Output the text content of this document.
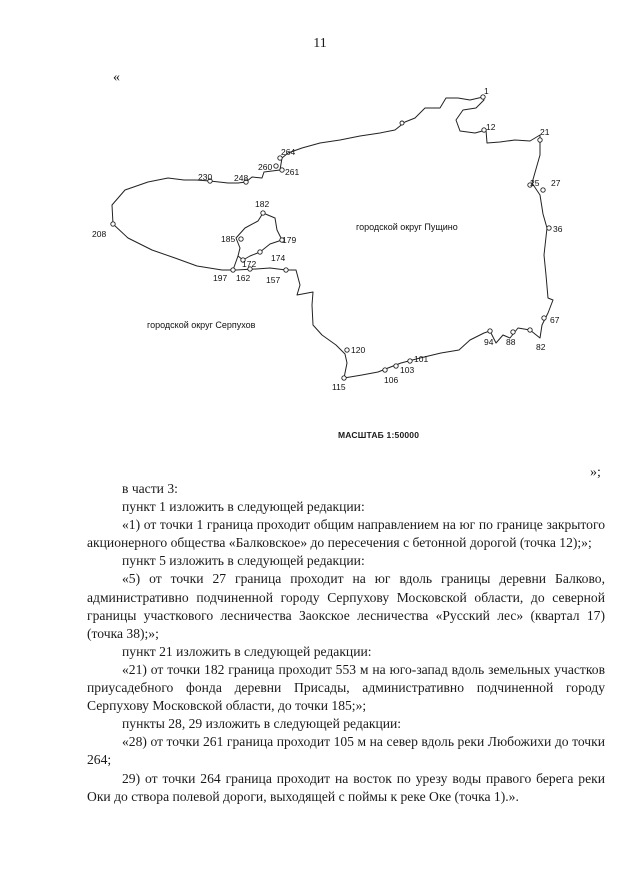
11
«
городской округ Пущино
городской округ Серпухов
1
12	21
25 27
36
67
82
88
94
101
103
106
115
120
157
162
197
172
174
179
182
185
208
230	248
260 261
264
МАСШТАБ 1:50000
»;

в части 3:

пункт 1 изложить в следующей редакции:

«1) от точки 1 граница проходит общим направлением на юг по границе закрытого акционерного общества «Балковское» до пересечения с бетонной дорогой (точка 12);»;

пункт 5 изложить в следующей редакции:

«5) от точки 27 граница проходит на юг вдоль границы деревни Балково, административно подчиненной городу Серпухову Московской области, до северной границы участкового лесничества Заокское лесничества «Русский лес» (квартал 17) (точка 38);»;

пункт 21 изложить в следующей редакции:

«21) от точки 182 граница проходит 553 м на юго-запад вдоль земельных участков приусадебного фонда деревни Присады, административно подчиненной городу Серпухову Московской области, до точки 185;»;

пункты 28, 29 изложить в следующей редакции:

«28) от точки 261 граница проходит 105 м на север вдоль реки Любожихи до точки 264;

29) от точки 264 граница проходит на восток по урезу воды правого берега реки Оки до створа полевой дороги, выходящей с поймы к реке Оке (точка 1).».
